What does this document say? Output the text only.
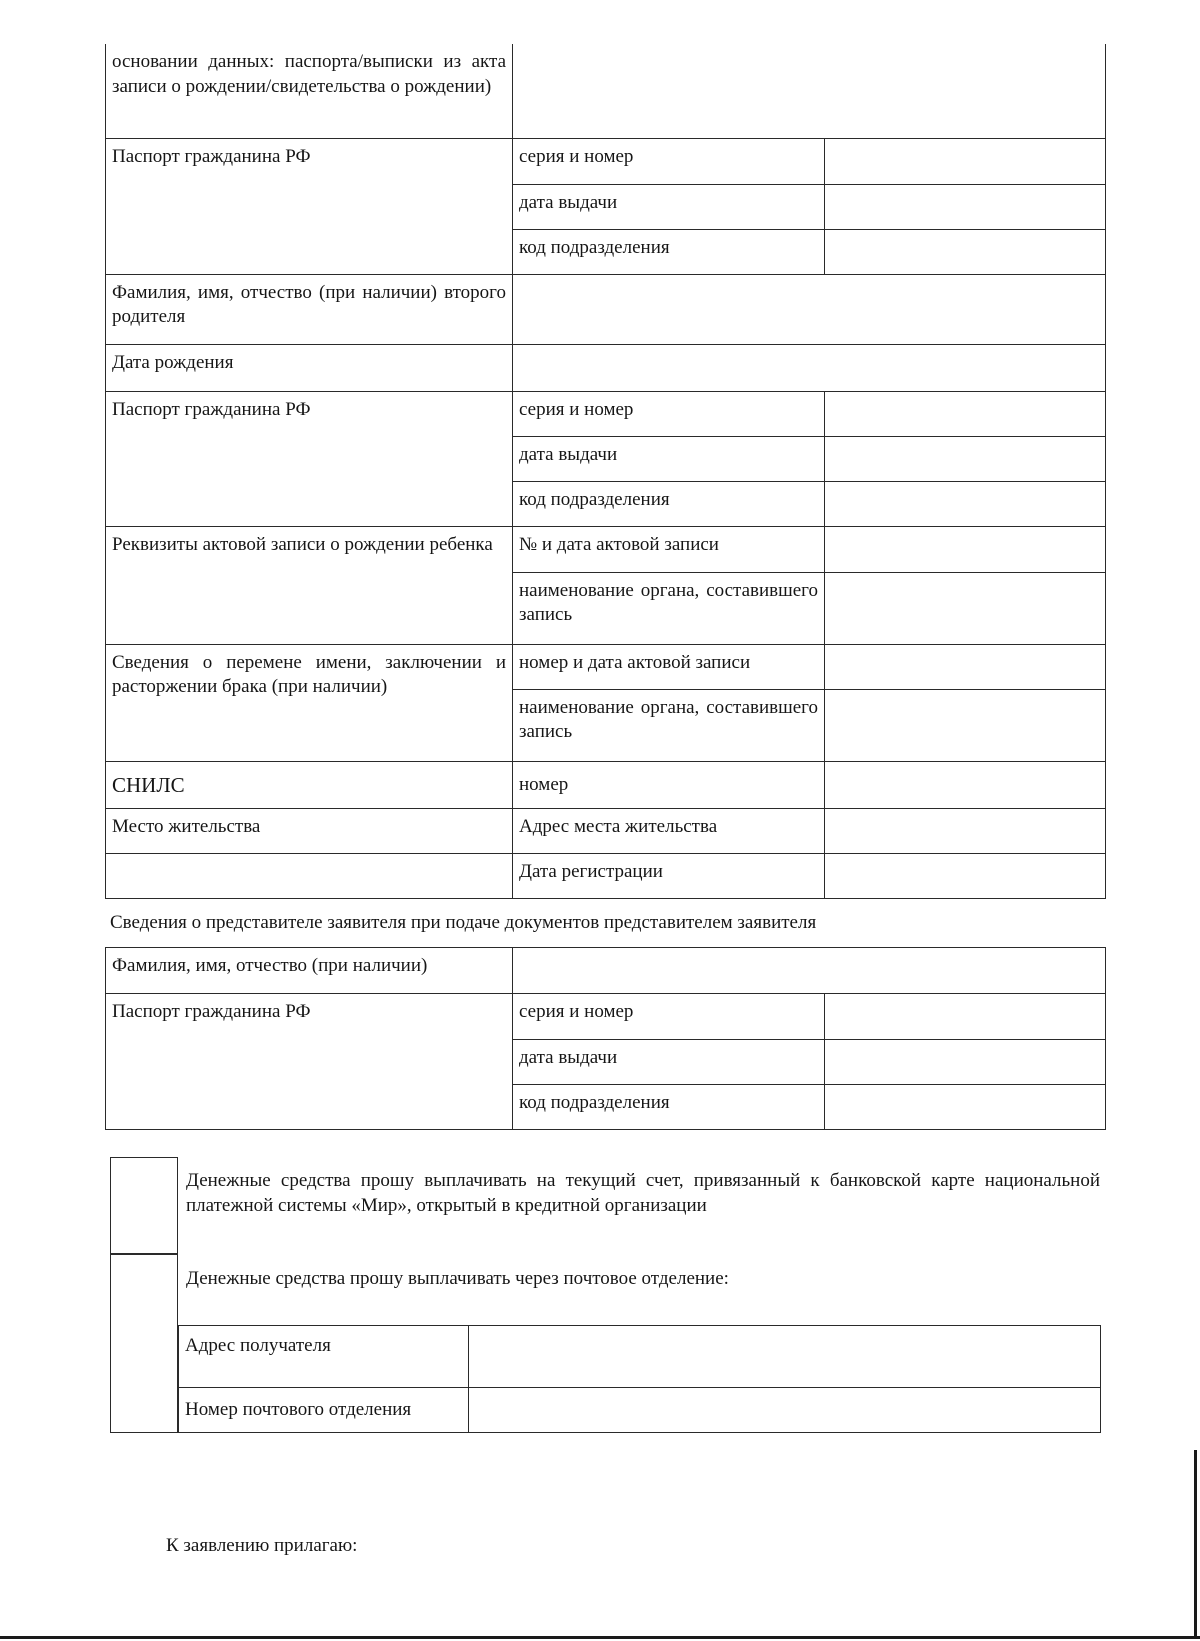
основании данных: паспорта/выписки из акта записи о рождении/свидетельства о рождении)		
Паспорт гражданина РФ	серия и номер	
	дата выдачи	
	код подразделения	
Фамилия, имя, отчество (при наличии) второго родителя		
Дата рождения		
Паспорт гражданина РФ	серия и номер	
	дата выдачи	
	код подразделения	
Реквизиты актовой записи о рождении ребенка	№ и дата актовой записи	
	наименование органа, составившего запись	
Сведения о перемене имени, заключении и расторжении брака (при наличии)	номер и дата актовой записи	
	наименование органа, составившего запись	
СНИЛС	номер	
Место жительства	Адрес места жительства	
	Дата регистрации	
Сведения о представителе заявителя при подаче документов представителем заявителя
Фамилия, имя, отчество (при наличии)		
Паспорт гражданина РФ	серия и номер	
	дата выдачи	
	код подразделения	
Денежные средства прошу выплачивать на текущий счет, привязанный к банковской карте национальной платежной системы «Мир», открытый в кредитной организации
Денежные средства прошу выплачивать через почтовое отделение:
Адрес получателя	
Номер почтового отделения	
К заявлению прилагаю:
